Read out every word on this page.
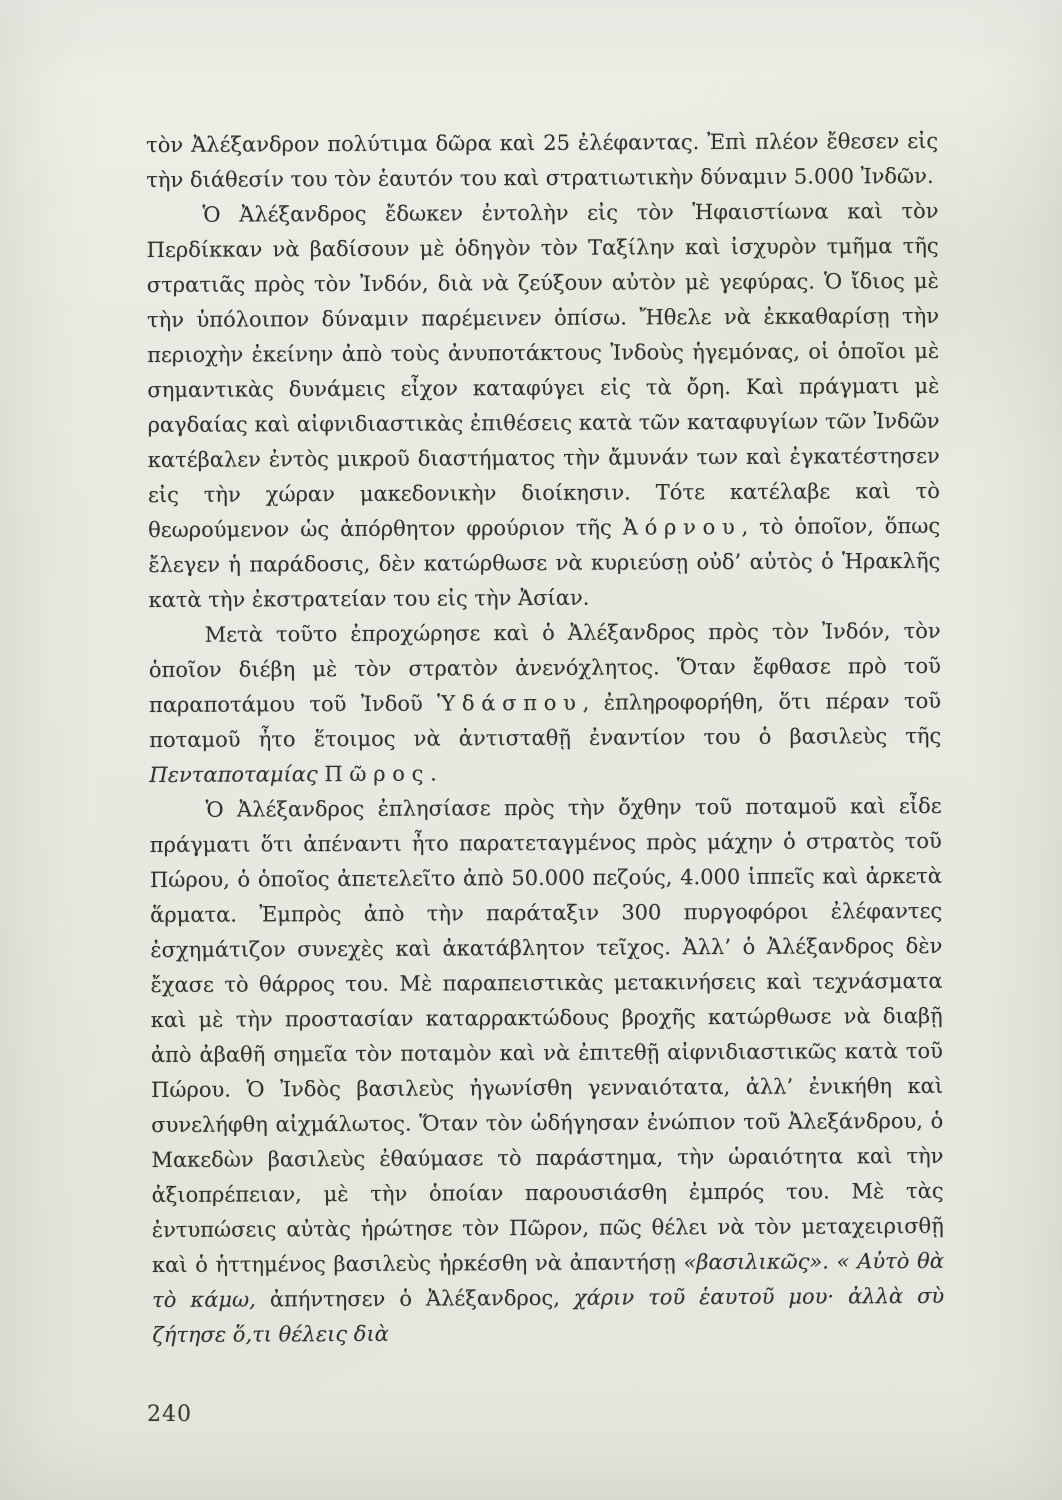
τὸν Ἀλέξανδρον πολύτιμα δῶρα καὶ 25 ἐλέφαντας. Ἐπὶ πλέον ἔθεσεν εἰς τὴν διάθεσίν του τὸν ἑαυτόν του καὶ στρατιωτικὴν δύναμιν 5.000 Ἰνδῶν.

Ὁ Ἀλέξανδρος ἔδωκεν ἐντολὴν εἰς τὸν Ἡφαιστίωνα καὶ τὸν Περδίκκαν νὰ βαδίσουν μὲ ὁδηγὸν τὸν Ταξίλην καὶ ἰσχυρὸν τμῆμα τῆς στρατιᾶς πρὸς τὸν Ἰνδόν, διὰ νὰ ζεύξουν αὐτὸν μὲ γεφύρας. Ὁ ἴδιος μὲ τὴν ὑπόλοιπον δύναμιν παρέμεινεν ὀπίσω. Ἤθελε νὰ ἐκκαθαρίσῃ τὴν περιοχὴν ἐκείνην ἀπὸ τοὺς ἀνυποτάκτους Ἰνδοὺς ἡγεμόνας, οἱ ὁποῖοι μὲ σημαντικὰς δυνάμεις εἶχον καταφύγει εἰς τὰ ὄρη. Καὶ πράγματι μὲ ραγδαίας καὶ αἰφνιδιαστικὰς ἐπιθέσεις κατὰ τῶν καταφυγίων τῶν Ἰνδῶν κατέβαλεν ἐντὸς μικροῦ διαστήματος τὴν ἄμυνάν των καὶ ἐγκατέστησεν εἰς τὴν χώραν μακεδονικὴν διοίκησιν. Τότε κατέλαβε καὶ τὸ θεωρούμενον ὡς ἀπόρθητον φρούριον τῆς Ἀόρνου, τὸ ὁποῖον, ὅπως ἔλεγεν ἡ παράδοσις, δὲν κατώρθωσε νὰ κυριεύσῃ οὐδ’ αὐτὸς ὁ Ἡρακλῆς κατὰ τὴν ἐκστρατείαν του εἰς τὴν Ἀσίαν.

Μετὰ τοῦτο ἐπροχώρησε καὶ ὁ Ἀλέξανδρος πρὸς τὸν Ἰνδόν, τὸν ὁποῖον διέβη μὲ τὸν στρατὸν ἀνενόχλητος. Ὅταν ἔφθασε πρὸ τοῦ παραποτάμου τοῦ Ἰνδοῦ Ὑδάσπου, ἐπληροφορήθη, ὅτι πέραν τοῦ ποταμοῦ ἦτο ἕτοιμος νὰ ἀντισταθῇ ἐναντίον του ὁ βασιλεὺς τῆς Πενταποταμίας Πῶρος.

Ὁ Ἀλέξανδρος ἐπλησίασε πρὸς τὴν ὄχθην τοῦ ποταμοῦ καὶ εἶδε πράγματι ὅτι ἀπέναντι ἦτο παρατεταγμένος πρὸς μάχην ὁ στρατὸς τοῦ Πώρου, ὁ ὁποῖος ἀπετελεῖτο ἀπὸ 50.000 πεζούς, 4.000 ἱππεῖς καὶ ἀρκετὰ ἅρματα. Ἐμπρὸς ἀπὸ τὴν παράταξιν 300 πυργοφόροι ἐλέφαντες ἐσχημάτιζον συνεχὲς καὶ ἀκατάβλητον τεῖχος. Ἀλλ’ ὁ Ἀλέξανδρος δὲν ἔχασε τὸ θάρρος του. Μὲ παραπειστικὰς μετακινήσεις καὶ τεχνάσματα καὶ μὲ τὴν προστασίαν καταρρακτώδους βροχῆς κατώρθωσε νὰ διαβῇ ἀπὸ ἀβαθῆ σημεῖα τὸν ποταμὸν καὶ νὰ ἐπιτεθῇ αἰφνιδιαστικῶς κατὰ τοῦ Πώρου. Ὁ Ἰνδὸς βασιλεὺς ἠγωνίσθη γενναιότατα, ἀλλ’ ἐνικήθη καὶ συνελήφθη αἰχμάλωτος. Ὅταν τὸν ὡδήγησαν ἐνώπιον τοῦ Ἀλεξάνδρου, ὁ Μακεδὼν βασιλεὺς ἐθαύμασε τὸ παράστημα, τὴν ὡραιότητα καὶ τὴν ἀξιοπρέπειαν, μὲ τὴν ὁποίαν παρουσιάσθη ἐμπρός του. Μὲ τὰς ἐντυπώσεις αὐτὰς ἠρώτησε τὸν Πῶρον, πῶς θέλει νὰ τὸν μεταχειρισθῇ καὶ ὁ ἡττημένος βασιλεὺς ἠρκέσθη νὰ ἀπαντήσῃ «βασιλικῶς». « Αὐτὸ θὰ τὸ κάμω, ἀπήντησεν ὁ Ἀλέξανδρος, χάριν τοῦ ἑαυτοῦ μου· ἀλλὰ σὺ ζήτησε ὅ,τι θέλεις διὰ

240
